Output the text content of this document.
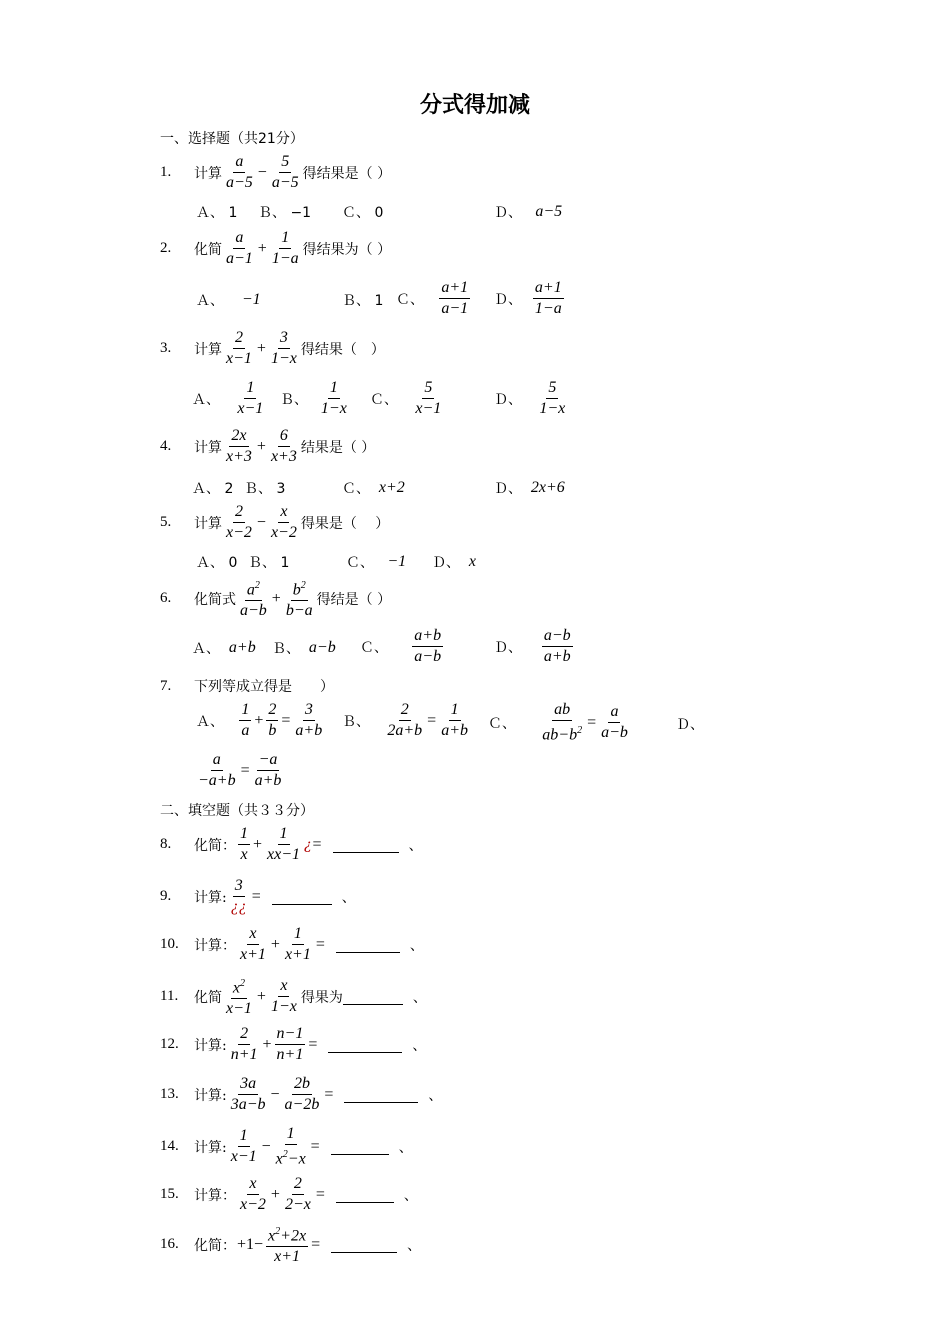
分式得加减
一、选择题（共21分）
1.	计算 $\frac{a}{a-5} - \frac{5}{a-5}$ 得结果是（ ）
Ａ、 1 Ｂ、 −1 Ｃ、 0	Ｄ、
a−5
2.	化简 $\frac{a}{a-1} + \frac{1}{1-a}$ 得结果为（ ）
Ａ、
−1	Ｂ、 1 Ｃ、
$\frac{a+1}{a-1}$ Ｄ、
$\frac{a+1}{1-a}$
3.	计算 $\frac{2}{x-1} + \frac{3}{1-x}$ 得结果（　）
Ａ、
$\frac{1}{x-1}$ Ｂ、
$\frac{1}{1-x}$ Ｃ、
$\frac{5}{x-1}$	Ｄ、
$\frac{5}{1-x}$
4.	计算 $\frac{2x}{x+3} + \frac{6}{x+3}$ 结果是（ ）
Ａ、 2 Ｂ、 3	Ｃ、
x+2	Ｄ、
2x+6
5.	计算 $\frac{2}{x-2} - \frac{x}{x-2}$ 得果是（　 ）
Ａ、 0 Ｂ、 1	Ｃ、
−1 Ｄ、
x
6.	化简式 $\frac{a^2}{a-b} + \frac{b^2}{b-a}$ 得结是（ ）
Ａ、
a+b Ｂ、
a−b Ｃ、
$\frac{a+b}{a-b}$	Ｄ、
$\frac{a-b}{a+b}$
7.	下列等成立得是　　）
Ａ、
$\frac{1}{a} + \frac{2}{b} = \frac{3}{a+b}$ Ｂ、
$\frac{2}{2a+b} = \frac{1}{a+b}$ Ｃ、
$\frac{ab}{ab-b^2} = \frac{a}{a-b}$	Ｄ、
$\frac{a}{-a+b} = \frac{-a}{a+b}$
二、填空题（共３３分）
8.	化简： $\frac{1}{x} + \frac{1}{xx-1}$ ¿ =	、
9.	计算: $\frac{3}{¿¿}$ =	、
10.	计算： $\frac{x}{x+1} + \frac{1}{x+1}$ =	、
11.	化简 $\frac{x^2}{x-1} + \frac{x}{1-x}$ 得果为	、
12.	计算: $\frac{2}{n+1} + \frac{n-1}{n+1}$ =	、
13.	计算: $\frac{3a}{3a-b} - \frac{2b}{a-2b}$ =	、
14.	计算: $\frac{1}{x-1} - \frac{1}{x^2-x}$ =	、
15.	计算： $\frac{x}{x-2} + \frac{2}{2-x}$ =	、
16.	化简： $+1- \frac{x^2+2x}{x+1}$ =	、
